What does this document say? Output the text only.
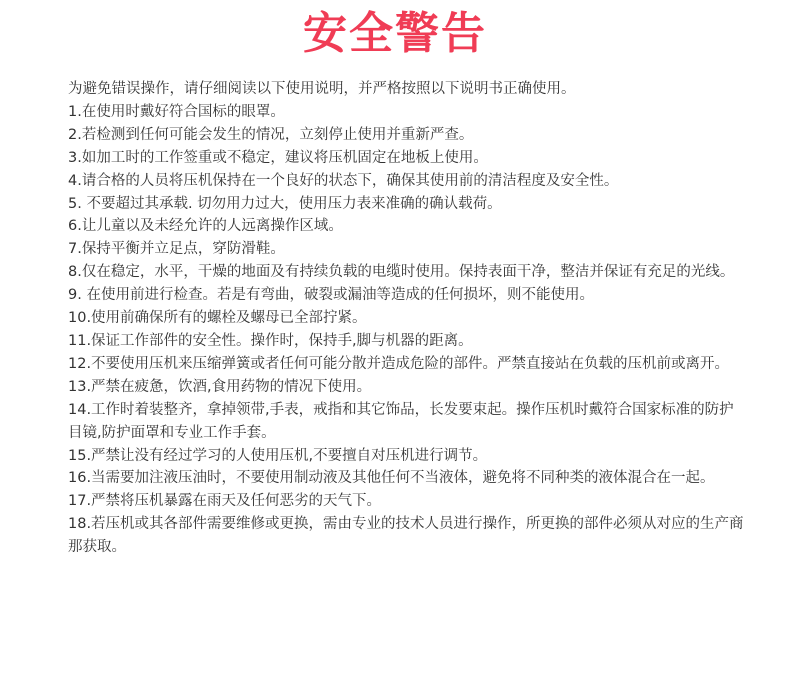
安全警告

为避免错误操作，请仔细阅读以下使用说明，并严格按照以下说明书正确使用。

1.在使用时戴好符合国标的眼罩。

2.若检测到任何可能会发生的情况，立刻停止使用并重新严查。

3.如加工时的工作签重或不稳定，建议将压机固定在地板上使用。

4.请合格的人员将压机保持在一个良好的状态下，确保其使用前的清洁程度及安全性。

5. 不要超过其承载. 切勿用力过大，使用压力表来准确的确认载荷。

6.让儿童以及未经允许的人远离操作区域。

7.保持平衡并立足点，穿防滑鞋。

8.仅在稳定，水平，干燥的地面及有持续负载的电缆时使用。保持表面干净，整洁并保证有充足的光线。

9. 在使用前进行检查。若是有弯曲，破裂或漏油等造成的任何损坏，则不能使用。

10.使用前确保所有的螺栓及螺母已全部拧紧。

11.保证工作部件的安全性。操作时，保持手,脚与机器的距离。

12.不要使用压机来压缩弹簧或者任何可能分散并造成危险的部件。严禁直接站在负载的压机前或离开。

13.严禁在疲惫，饮酒,食用药物的情况下使用。

14.工作时着装整齐，拿掉领带,手表，戒指和其它饰品，长发要束起。操作压机时戴符合国家标准的防护目镜,防护面罩和专业工作手套。

15.严禁让没有经过学习的人使用压机,不要擅自对压机进行调节。

16.当需要加注液压油时，不要使用制动液及其他任何不当液体，避免将不同种类的液体混合在一起。

17.严禁将压机暴露在雨天及任何恶劣的天气下。

18.若压机或其各部件需要维修或更换，需由专业的技术人员进行操作，所更换的部件必须从对应的生产商那获取。
